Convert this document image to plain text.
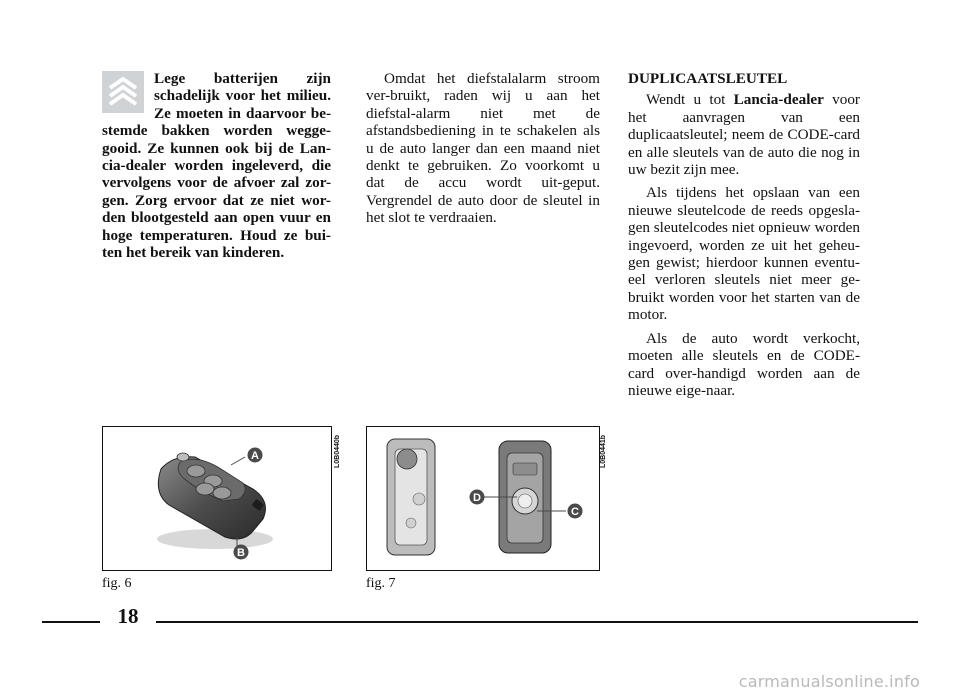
Lege batterijen zijn schadelijk voor het milieu. Ze moeten in daarvoor be-stemde bakken worden wegge-gooid. Ze kunnen ook bij de Lan-cia-dealer worden ingeleverd, die vervolgens voor de afvoer zal zor-gen. Zorg ervoor dat ze niet wor-den blootgesteld aan open vuur en hoge temperaturen. Houd ze bui-ten het bereik van kinderen.

Omdat het diefstalalarm stroom ver-bruikt, raden wij u aan het diefstal-alarm niet met de afstandsbediening in te schakelen als u de auto langer dan een maand niet denkt te gebruiken. Zo voorkomt u dat de accu wordt uit-geput. Vergrendel de auto door de sleutel in het slot te verdraaien.

DUPLICAATSLEUTEL

Wendt u tot Lancia-dealer voor het aanvragen van een duplicaatsleutel; neem de CODE-card en alle sleutels van de auto die nog in uw bezit zijn mee.

Als tijdens het opslaan van een nieuwe sleutelcode de reeds opgesla-gen sleutelcodes niet opnieuw worden ingevoerd, worden ze uit het geheu-gen gewist; hierdoor kunnen eventu-eel verloren sleutels niet meer ge-bruikt worden voor het starten van de motor.

Als de auto wordt verkocht, moeten alle sleutels en de CODE-card over-handigd worden aan de nieuwe eige-naar.

A
B
L0B0440b
fig. 6
D
C
L0B0441b
fig. 7
18
carmanualsonline.info
